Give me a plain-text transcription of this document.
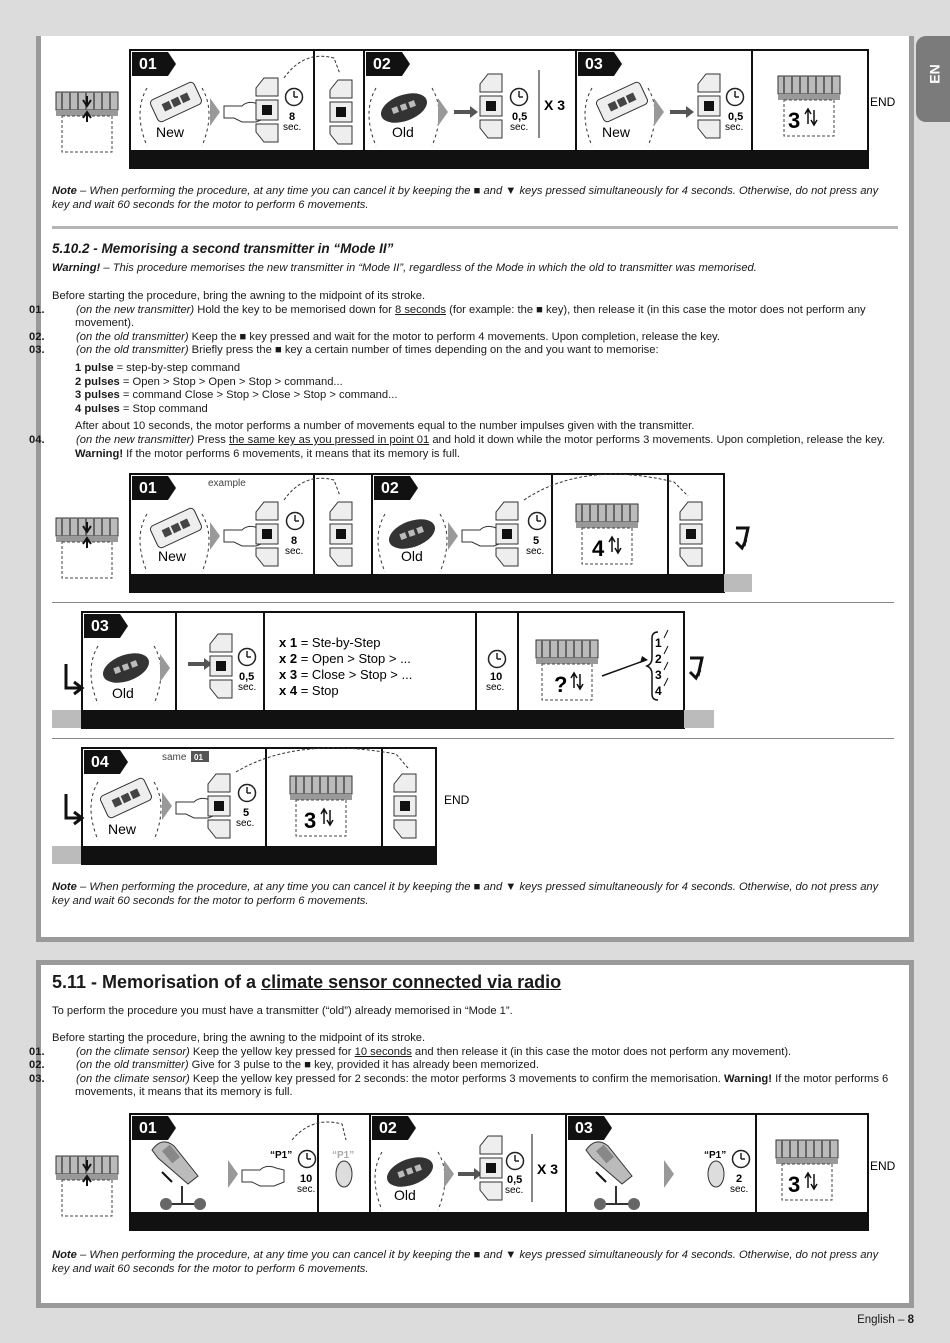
EN
01	02	03
New
8
sec.	Old
0,5
sec.
X 3
New
0,5
sec. 3
END
Note – When performing the procedure, at any time you can cancel it by keeping the ■ and ▼ keys pressed simultaneously for 4 seconds. Otherwise, do not press any key and wait 60 seconds for the motor to perform 6 movements.
5.10.2 - Memorising a second transmitter in “Mode II”
Warning! – This procedure memorises the new transmitter in “Mode II”, regardless of the Mode in which the old to transmitter was memorised.
Before starting the procedure, bring the awning to the midpoint of its stroke.
01.	(on the new transmitter) Hold the key to be memorised down for 8 seconds (for example: the ■ key), then release it (in this case the motor does not perform any movement).
02.	(on the old transmitter) Keep the ■ key pressed and wait for the motor to perform 4 movements. Upon completion, release the key.
03.	(on the old transmitter) Briefly press the ■ key a certain number of times depending on the and you want to memorise:
1 pulse = step-by-step command
2 pulses = Open > Stop > Open > Stop > command...
3 pulses = command Close > Stop > Close > Stop > command...
4 pulses = Stop command
After about 10 seconds, the motor performs a number of movements equal to the number impulses given with the transmitter.
04.	(on the new transmitter) Press the same key as you pressed in point 01 and hold it down while the motor performs 3 movements. Upon completion, release the key. Warning! If the motor performs 6 movements, it means that its memory is full.
01	02
example
New
8
sec.	Old
5
sec. 4
03
Old
0,5
sec.
x 1 = Ste-by-Step
x 2 = Open > Stop > ...
x 3 = Close > Stop > ...
x 4 = Stop
10
sec. ?
1
2
3
4
04	same 01
New
5
sec. 3
END
Note – When performing the procedure, at any time you can cancel it by keeping the ■ and ▼ keys pressed simultaneously for 4 seconds. Otherwise, do not press any key and wait 60 seconds for the motor to perform 6 movements.
5.11 - Memorisation of a climate sensor connected via radio
To perform the procedure you must have a transmitter (“old”) already memorised in “Mode 1”.
Before starting the procedure, bring the awning to the midpoint of its stroke.
01.	(on the climate sensor) Keep the yellow key pressed for 10 seconds and then release it (in this case the motor does not perform any movement).
02.	(on the old transmitter) Give for 3 pulse to the ■ key, provided it has already been memorized.
03.	(on the climate sensor) Keep the yellow key pressed for 2 seconds: the motor performs 3 movements to confirm the memorisation. Warning! If the motor performs 6 movements, it means that its memory is full.
01	02	03
“P1”
10
sec.
“P1”
Old
0,5
sec.
X 3
“P1”
2
sec. 3
END
Note – When performing the procedure, at any time you can cancel it by keeping the ■ and ▼ keys pressed simultaneously for 4 seconds. Otherwise, do not press any key and wait 60 seconds for the motor to perform 6 movements.
English – 8
